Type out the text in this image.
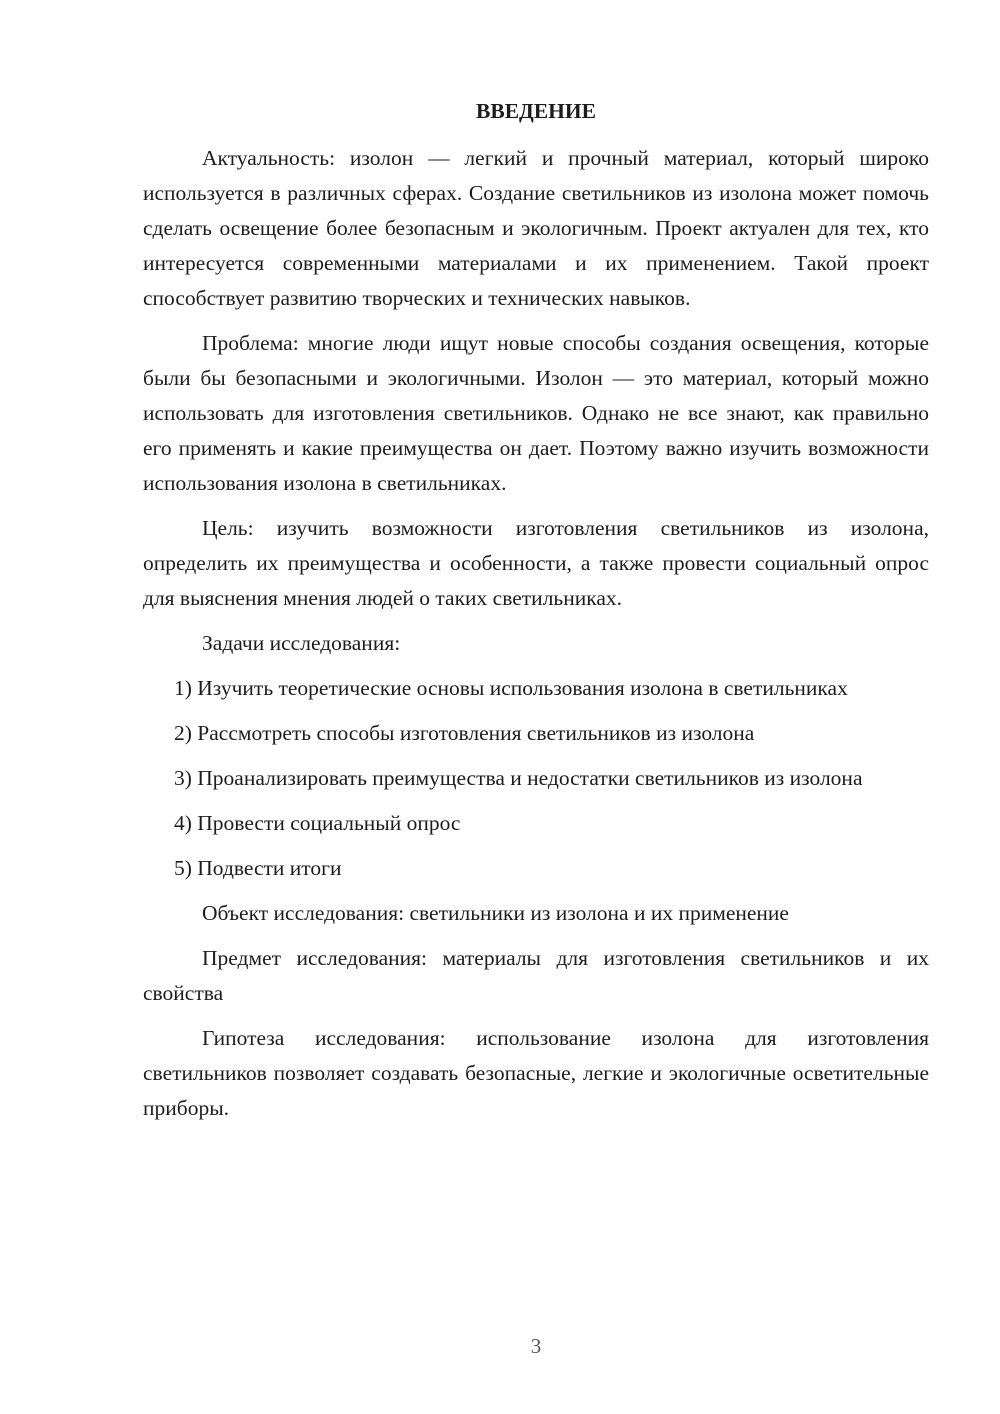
ВВЕДЕНИЕ

Актуальность: изолон — легкий и прочный материал, который широко используется в различных сферах. Создание светильников из изолона может помочь сделать освещение более безопасным и экологичным. Проект актуален для тех, кто интересуется современными материалами и их применением. Такой проект способствует развитию творческих и технических навыков.

Проблема: многие люди ищут новые способы создания освещения, которые были бы безопасными и экологичными. Изолон — это материал, который можно использовать для изготовления светильников. Однако не все знают, как правильно его применять и какие преимущества он дает. Поэтому важно изучить возможности использования изолона в светильниках.

Цель: изучить возможности изготовления светильников из изолона, определить их преимущества и особенности, а также провести социальный опрос для выяснения мнения людей о таких светильниках.

Задачи исследования:

1) Изучить теоретические основы использования изолона в светильниках

2) Рассмотреть способы изготовления светильников из изолона

3) Проанализировать преимущества и недостатки светильников из изолона

4) Провести социальный опрос

5) Подвести итоги

Объект исследования: светильники из изолона и их применение

Предмет исследования: материалы для изготовления светильников и их свойства

Гипотеза исследования: использование изолона для изготовления светильников позволяет создавать безопасные, легкие и экологичные осветительные приборы.

3
